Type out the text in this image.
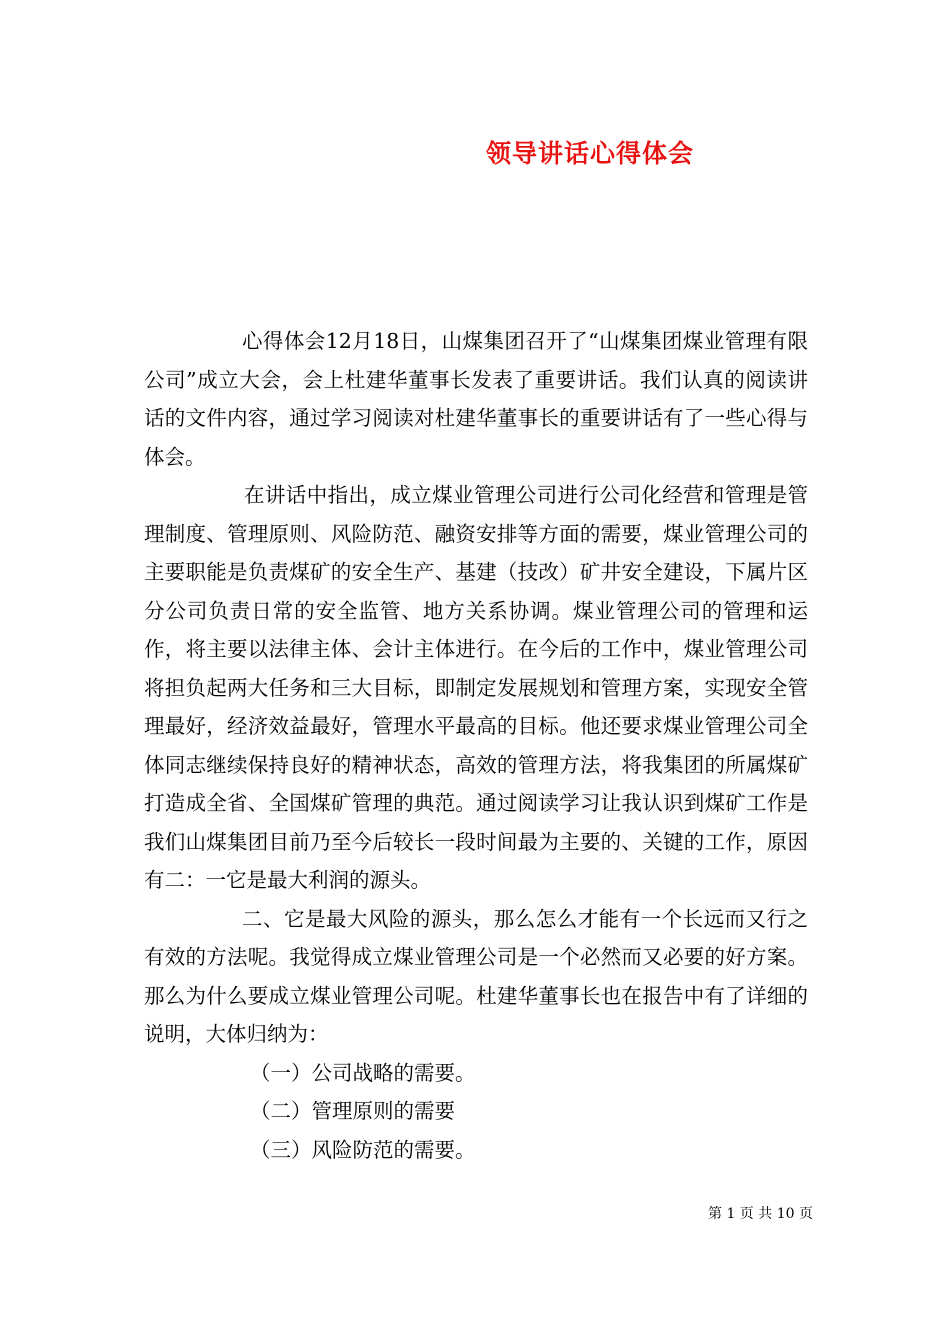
领导讲话心得体会

心得体会12月18日，山煤集团召开了“山煤集团煤业管理有限公司”成立大会，会上杜建华董事长发表了重要讲话。我们认真的阅读讲话的文件内容，通过学习阅读对杜建华董事长的重要讲话有了一些心得与体会。

在讲话中指出，成立煤业管理公司进行公司化经营和管理是管理制度、管理原则、风险防范、融资安排等方面的需要，煤业管理公司的主要职能是负责煤矿的安全生产、基建（技改）矿井安全建设，下属片区分公司负责日常的安全监管、地方关系协调。煤业管理公司的管理和运作，将主要以法律主体、会计主体进行。在今后的工作中，煤业管理公司将担负起两大任务和三大目标，即制定发展规划和管理方案，实现安全管理最好，经济效益最好，管理水平最高的目标。他还要求煤业管理公司全体同志继续保持良好的精神状态，高效的管理方法，将我集团的所属煤矿打造成全省、全国煤矿管理的典范。通过阅读学习让我认识到煤矿工作是我们山煤集团目前乃至今后较长一段时间最为主要的、关键的工作，原因有二：一它是最大利润的源头。

二、它是最大风险的源头，那么怎么才能有一个长远而又行之有效的方法呢。我觉得成立煤业管理公司是一个必然而又必要的好方案。那么为什么要成立煤业管理公司呢。杜建华董事长也在报告中有了详细的说明，大体归纳为：

（一）公司战略的需要。

（二）管理原则的需要

（三）风险防范的需要。

第 1 页 共 10 页
